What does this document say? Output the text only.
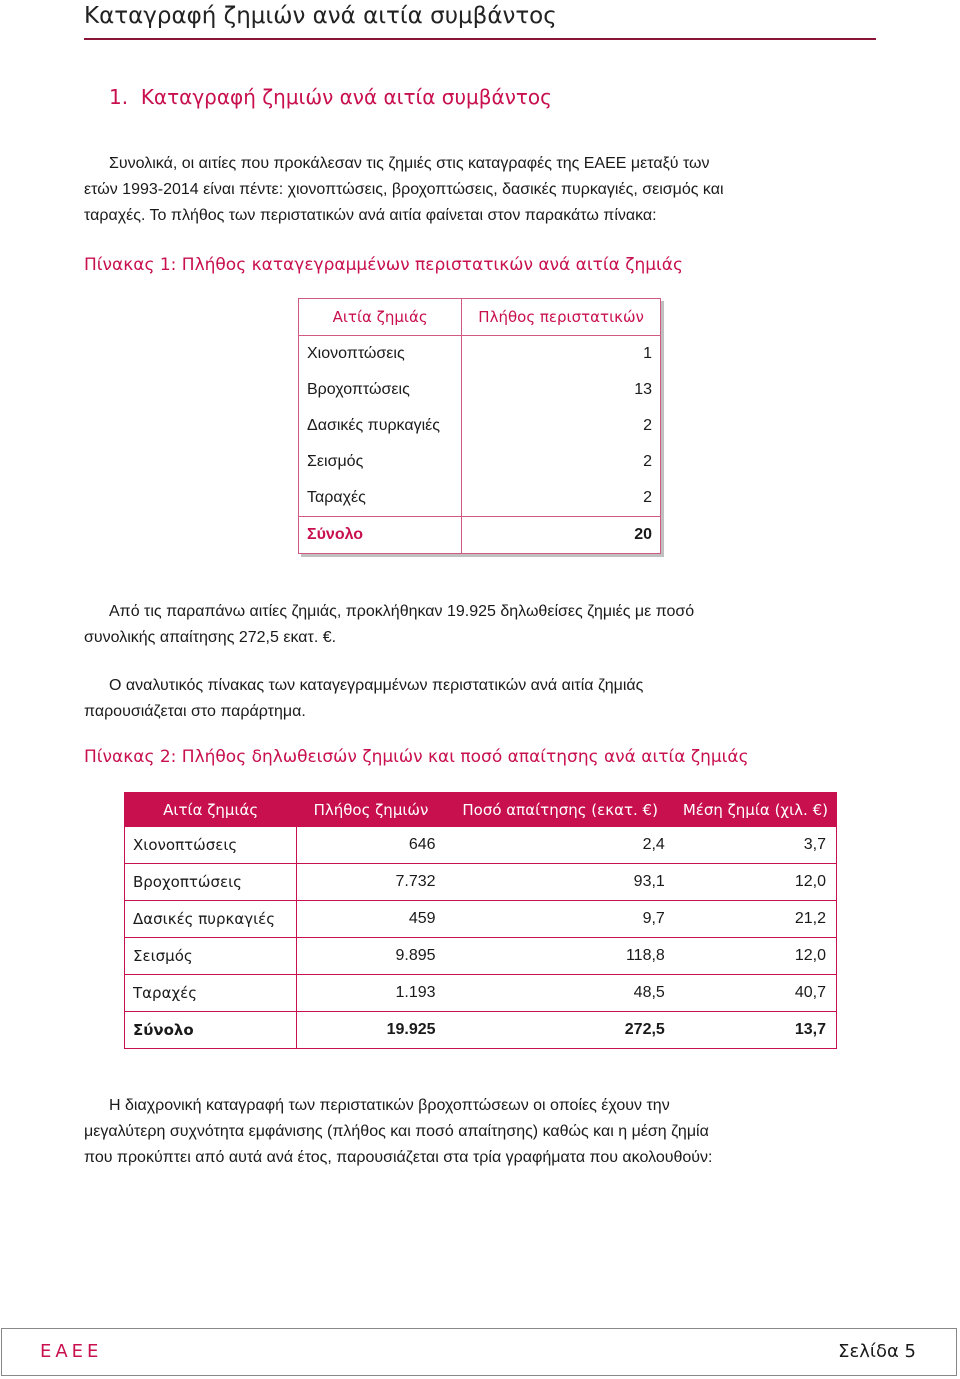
Καταγραφή ζημιών ανά αιτία συμβάντος
1. Καταγραφή ζημιών ανά αιτία συμβάντος
Συνολικά, οι αιτίες που προκάλεσαν τις ζημιές στις καταγραφές της ΕΑΕΕ μεταξύ των
ετών 1993-2014 είναι πέντε: χιονοπτώσεις, βροχοπτώσεις, δασικές πυρκαγιές, σεισμός και
ταραχές. Το πλήθος των περιστατικών ανά αιτία φαίνεται στον παρακάτω πίνακα:
Πίνακας 1: Πλήθος καταγεγραμμένων περιστατικών ανά αιτία ζημιάς
Αιτία ζημιάς	Πλήθος περιστατικών
Χιονοπτώσεις	1
Βροχοπτώσεις	13
Δασικές πυρκαγιές	2
Σεισμός	2
Ταραχές	2
Σύνολο	20
Από τις παραπάνω αιτίες ζημιάς, προκλήθηκαν 19.925 δηλωθείσες ζημιές με ποσό
συνολικής απαίτησης 272,5 εκατ. €.
Ο αναλυτικός πίνακας των καταγεγραμμένων περιστατικών ανά αιτία ζημιάς
παρουσιάζεται στο παράρτημα.
Πίνακας 2: Πλήθος δηλωθεισών ζημιών και ποσό απαίτησης ανά αιτία ζημιάς
Αιτία ζημιάς	Πλήθος ζημιών	Ποσό απαίτησης (εκατ. €)	Μέση ζημία (χιλ. €)
Χιονοπτώσεις	646	2,4	3,7
Βροχοπτώσεις	7.732	93,1	12,0
Δασικές πυρκαγιές	459	9,7	21,2
Σεισμός	9.895	118,8	12,0
Ταραχές	1.193	48,5	40,7
Σύνολο	19.925	272,5	13,7
Η διαχρονική καταγραφή των περιστατικών βροχοπτώσεων οι οποίες έχουν την
μεγαλύτερη συχνότητα εμφάνισης (πλήθος και ποσό απαίτησης) καθώς και η μέση ζημία
που προκύπτει από αυτά ανά έτος, παρουσιάζεται στα τρία γραφήματα που ακολουθούν:
ΕΑΕΕ	Σελίδα 5
